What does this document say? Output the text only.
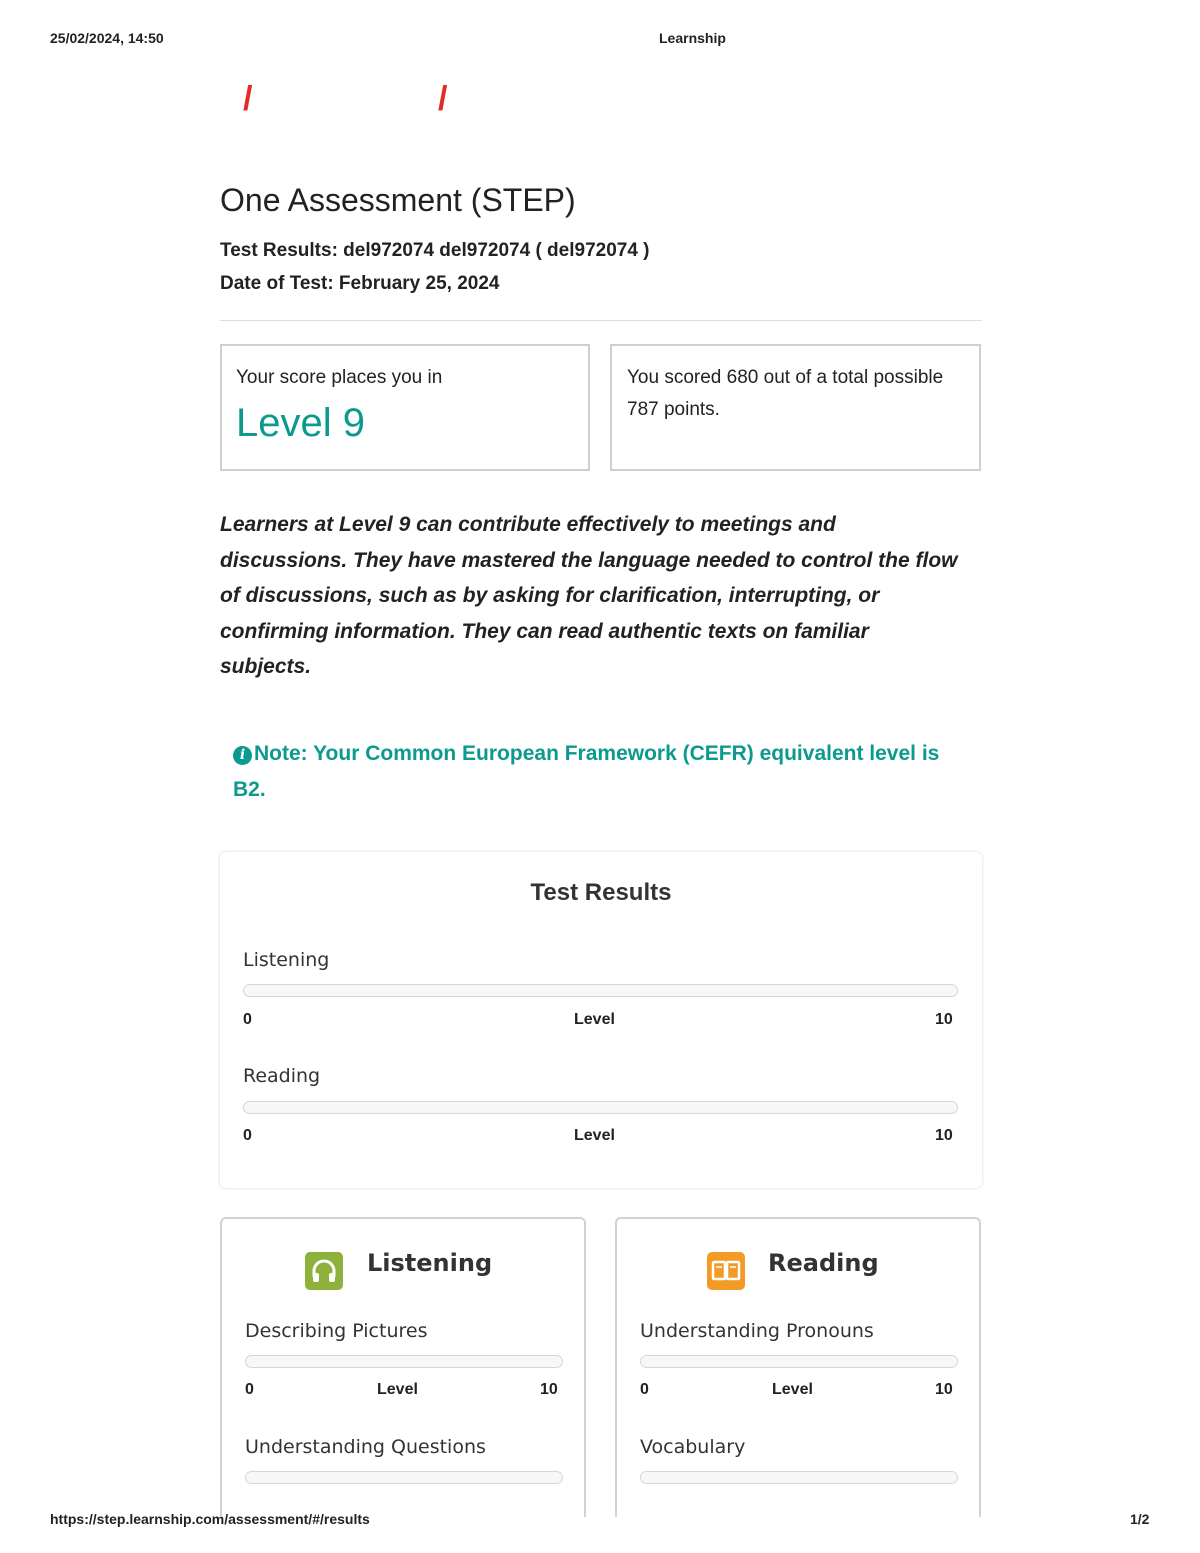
25/02/2024, 14:50	Learnship
https://step.learnship.com/assessment/#/results	1/2
/	/
One Assessment (STEP)
Test Results: del972074 del972074 ( del972074 )
Date of Test: February 25, 2024
Your score places you in
Level 9
You scored 680 out of a total possible 787 points.
Learners at Level 9 can contribute effectively to meetings and discussions. They have mastered the language needed to control the flow of discussions, such as by asking for clarification, interrupting, or confirming information. They can read authentic texts on familiar subjects.
i Note: Your Common European Framework (CEFR) equivalent level is B2.
Test Results
Listening
0	Level	10
Reading
0	Level	10
Listening
Describing Pictures
0	Level	10
Understanding Questions
Reading
Understanding Pronouns
0	Level	10
Vocabulary
